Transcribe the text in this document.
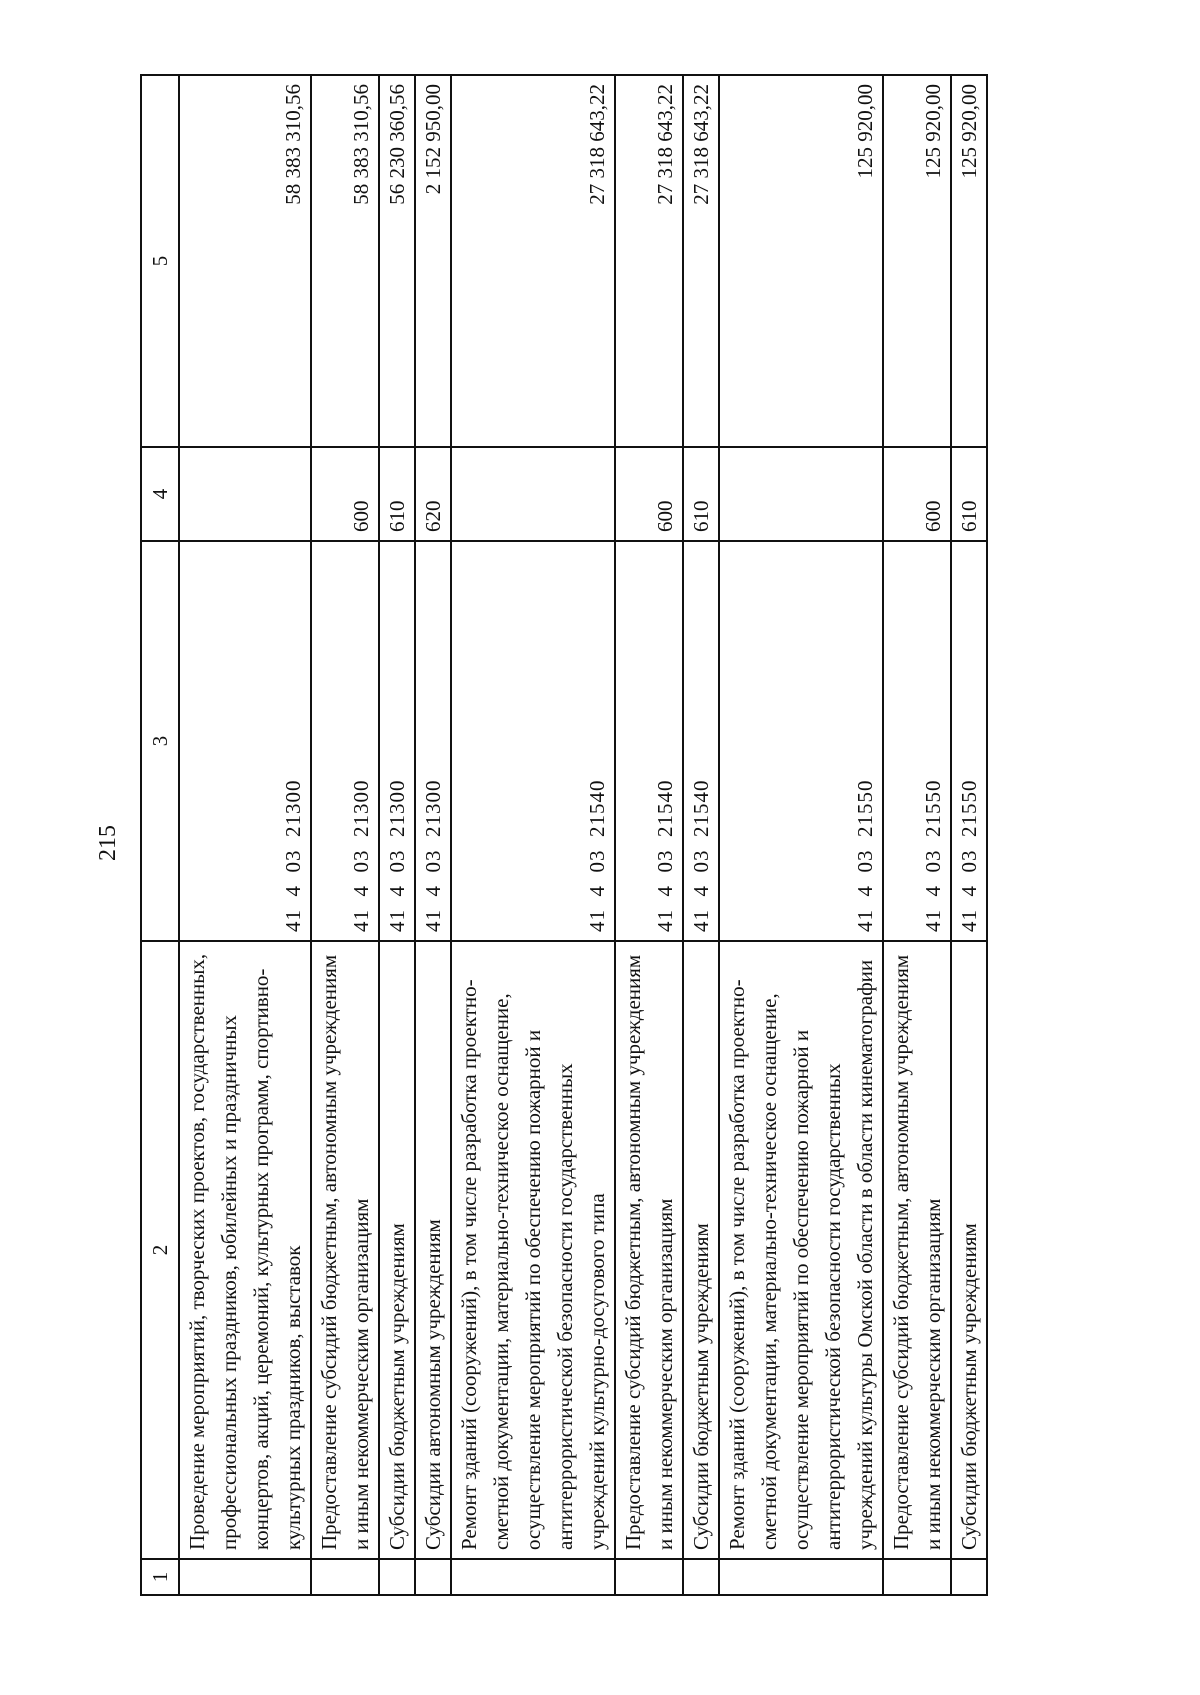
215
1	2	3	4	5
	Проведение мероприятий, творческих проектов, государственных, профессиональных праздников, юбилейных и праздничных концертов, акций, церемоний, культурных программ, спортивно-культурных праздников, выставок	41  4  03  21300		58 383 310,56
	Предоставление субсидий бюджетным, автономным учреждениям и иным некоммерческим организациям	41  4  03  21300	600	58 383 310,56
	Субсидии бюджетным учреждениям	41  4  03  21300	610	56 230 360,56
	Субсидии автономным учреждениям	41  4  03  21300	620	2 152 950,00
	Ремонт зданий (сооружений), в том числе разработка проектно-сметной документации, материально-техническое оснащение, осуществление мероприятий по обеспечению пожарной и антитеррористической безопасности государственных учреждений культурно-досугового типа	41  4  03  21540		27 318 643,22
	Предоставление субсидий бюджетным, автономным учреждениям и иным некоммерческим организациям	41  4  03  21540	600	27 318 643,22
	Субсидии бюджетным учреждениям	41  4  03  21540	610	27 318 643,22
	Ремонт зданий (сооружений), в том числе разработка проектно-сметной документации, материально-техническое оснащение, осуществление мероприятий по обеспечению пожарной и антитеррористической безопасности государственных учреждений культуры Омской области в области кинематографии	41  4  03  21550		125 920,00
	Предоставление субсидий бюджетным, автономным учреждениям и иным некоммерческим организациям	41  4  03  21550	600	125 920,00
	Субсидии бюджетным учреждениям	41  4  03  21550	610	125 920,00
